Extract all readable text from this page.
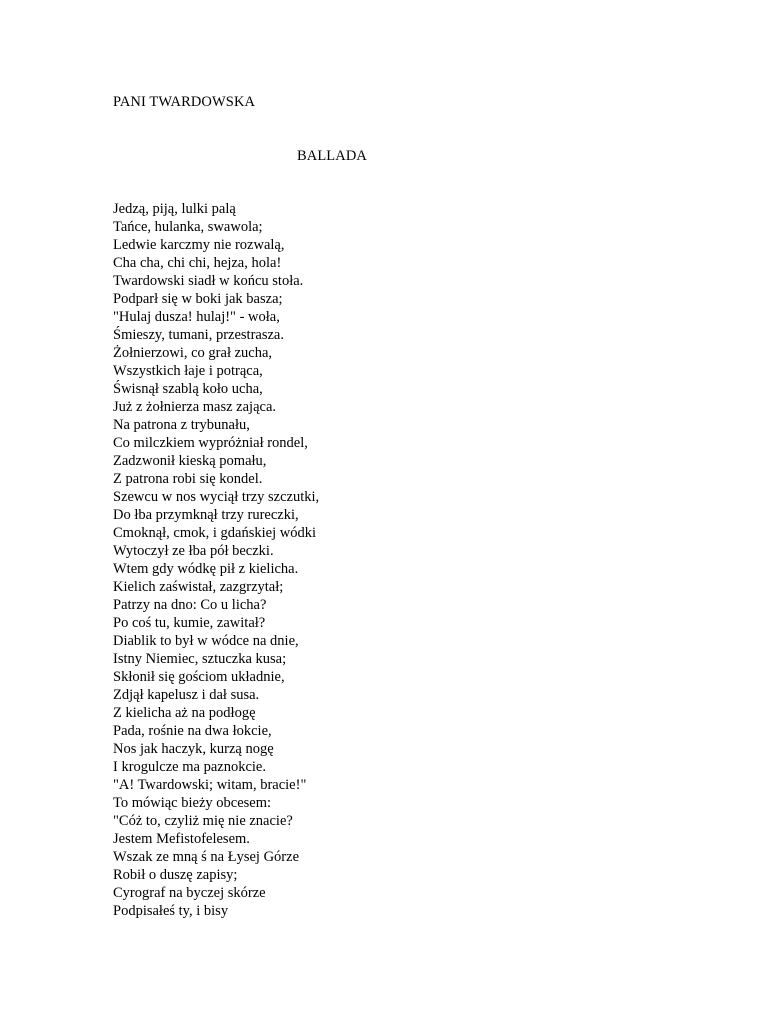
PANI TWARDOWSKA
BALLADA
Jedzą, piją, lulki palą
Tańce, hulanka, swawola;
Ledwie karczmy nie rozwalą,
Cha cha, chi chi, hejza, hola!
Twardowski siadł w końcu stoła.
Podparł się w boki jak basza;
"Hulaj dusza! hulaj!" - woła,
Śmieszy, tumani, przestrasza.
Żołnierzowi, co grał zucha,
Wszystkich łaje i potrąca,
Świsnął szablą koło ucha,
Już z żołnierza masz zająca.
Na patrona z trybunału,
Co milczkiem wypróżniał rondel,
Zadzwonił kieską pomału,
Z patrona robi się kondel.
Szewcu w nos wyciął trzy szczutki,
Do łba przymknął trzy rureczki,
Cmoknął, cmok, i gdańskiej wódki
Wytoczył ze łba pół beczki.
Wtem gdy wódkę pił z kielicha.
Kielich zaświstał, zazgrzytał;
Patrzy na dno: Co u licha?
Po coś tu, kumie, zawitał?
Diablik to był w wódce na dnie,
Istny Niemiec, sztuczka kusa;
Skłonił się gościom układnie,
Zdjął kapelusz i dał susa.
Z kielicha aż na podłogę
Pada, rośnie na dwa łokcie,
Nos jak haczyk, kurzą nogę
I krogulcze ma paznokcie.
"A! Twardowski; witam, bracie!"
To mówiąc bieży obcesem:
"Cóż to, czyliż mię nie znacie?
Jestem Mefistofelesem.
Wszak ze mną ś na Łysej Górze
Robił o duszę zapisy;
Cyrograf na byczej skórze
Podpisałeś ty, i bisy
